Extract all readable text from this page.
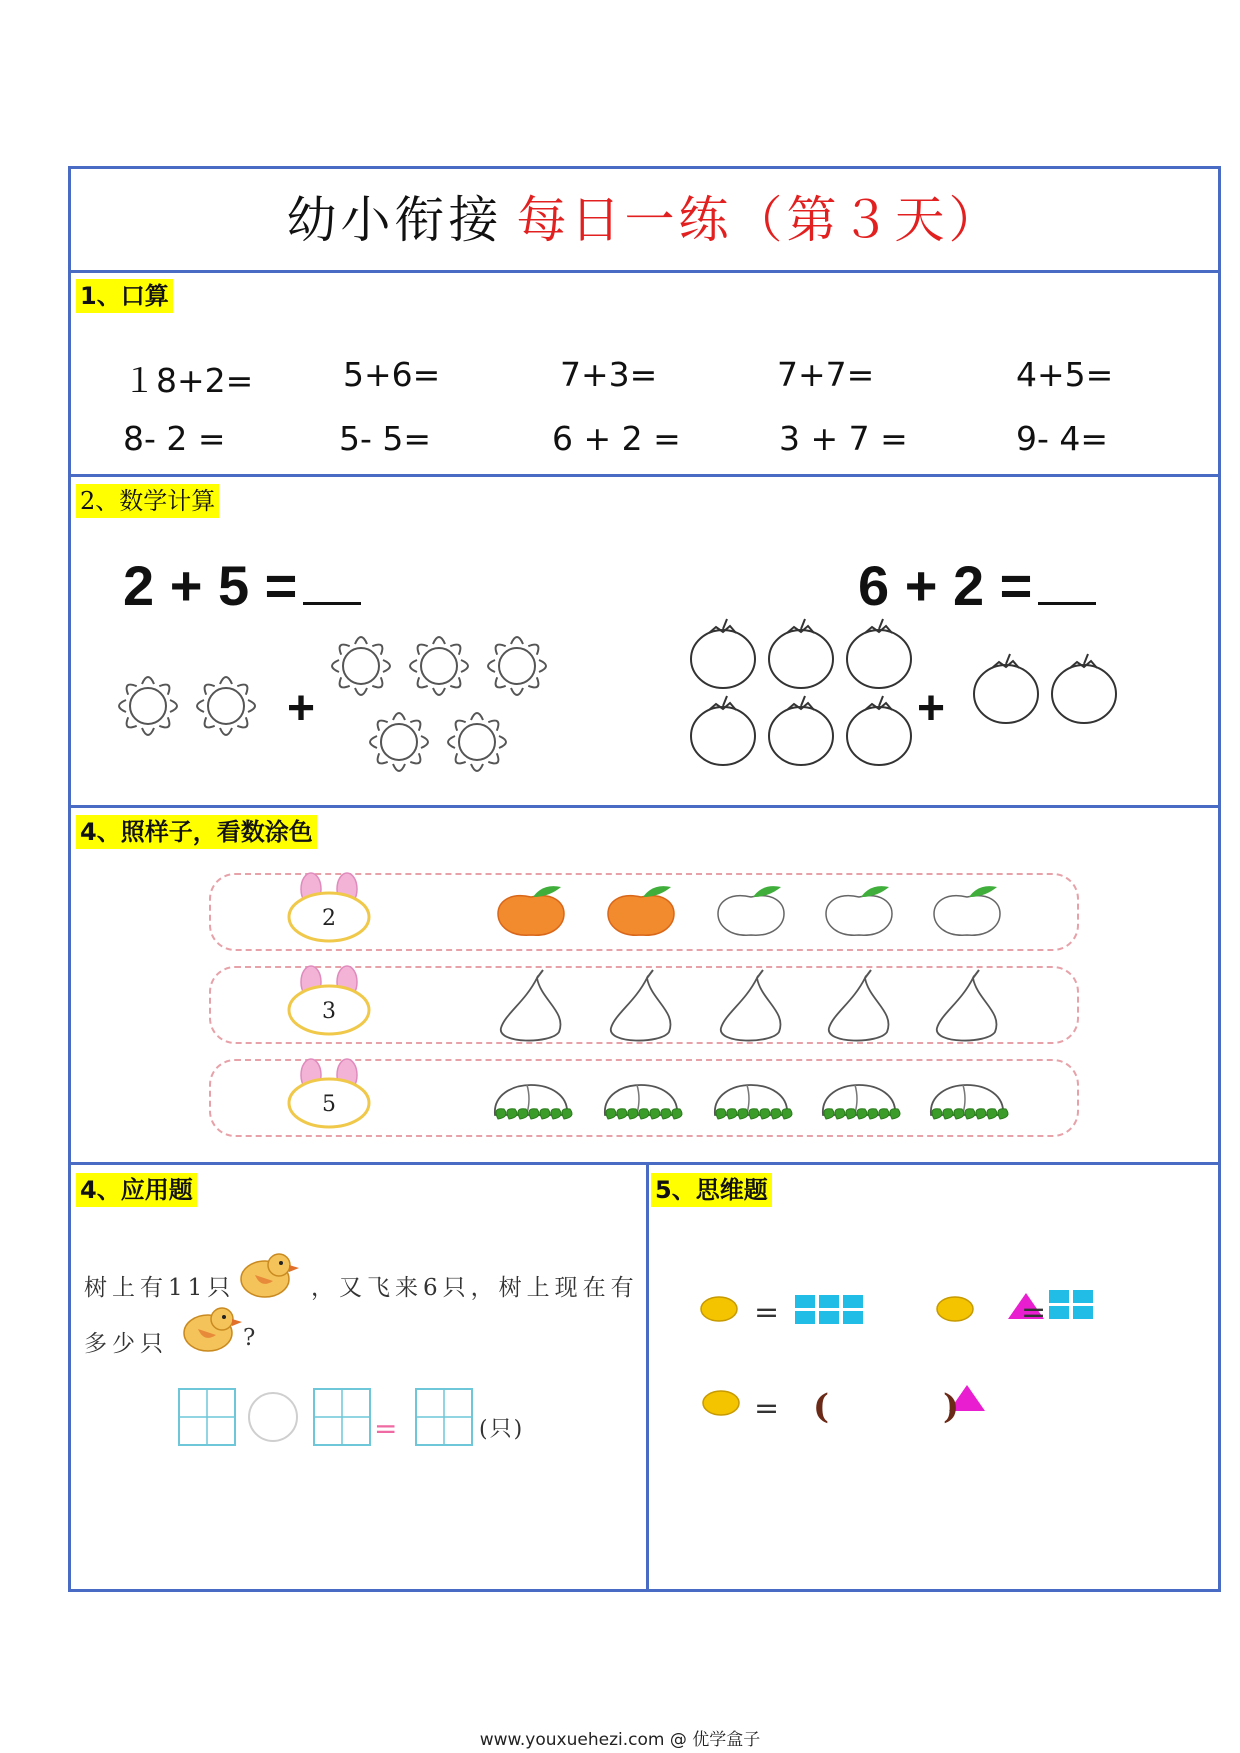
幼小衔接 每日一练（第３天）
1、口算
１8+2=	5+6=	7+3=	7+7=	4+5=
8- 2 =	5- 5=	6 + 2 =	3 + 7 =	9- 4=
2、数学计算
2 + 5 =	6 + 2 =
+	+
4、照样子，看数涂色
2
3
5
4、应用题
树上有11只	，又飞来6只，树上现在有
多少只	?
=	(只)
5、思维题
=	=
= (	)
www.youxuehezi.com @ 优学盒子
